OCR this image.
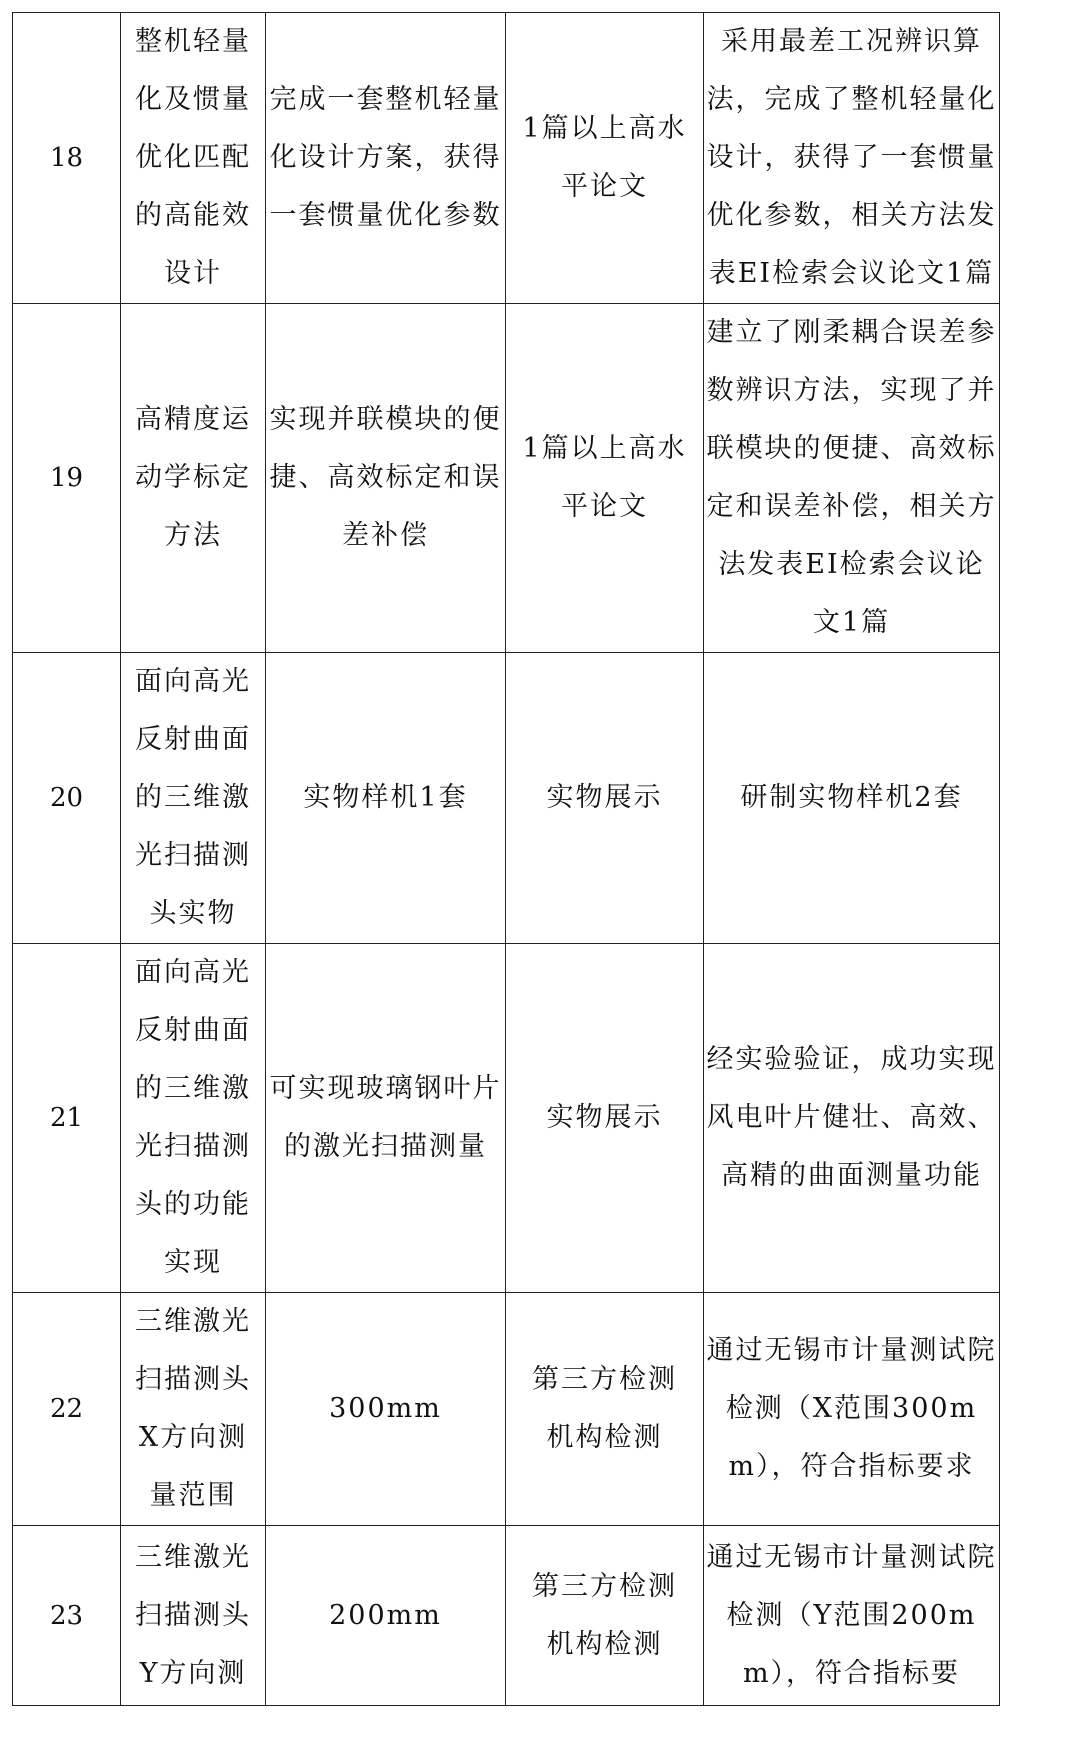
18	整机轻量化及惯量优化匹配的高能效设计	完成一套整机轻量化设计方案，获得一套惯量优化参数	1篇以上高水平论文	采用最差工况辨识算法，完成了整机轻量化设计，获得了一套惯量优化参数，相关方法发表EI检索会议论文1篇

19	高精度运动学标定方法	实现并联模块的便捷、高效标定和误差补偿	1篇以上高水平论文	建立了刚柔耦合误差参数辨识方法，实现了并联模块的便捷、高效标定和误差补偿，相关方法发表EI检索会议论文1篇

20	面向高光反射曲面的三维激光扫描测头实物	实物样机1套	实物展示	研制实物样机2套

21	面向高光反射曲面的三维激光扫描测头的功能实现	可实现玻璃钢叶片的激光扫描测量	实物展示	经实验验证，成功实现风电叶片健壮、高效、高精的曲面测量功能

22	三维激光扫描测头X方向测量范围	300mm	第三方检测机构检测	通过无锡市计量测试院检测（X范围300mm），符合指标要求

23	三维激光扫描测头Y方向测	200mm	第三方检测机构检测	通过无锡市计量测试院检测（Y范围200mm），符合指标要
